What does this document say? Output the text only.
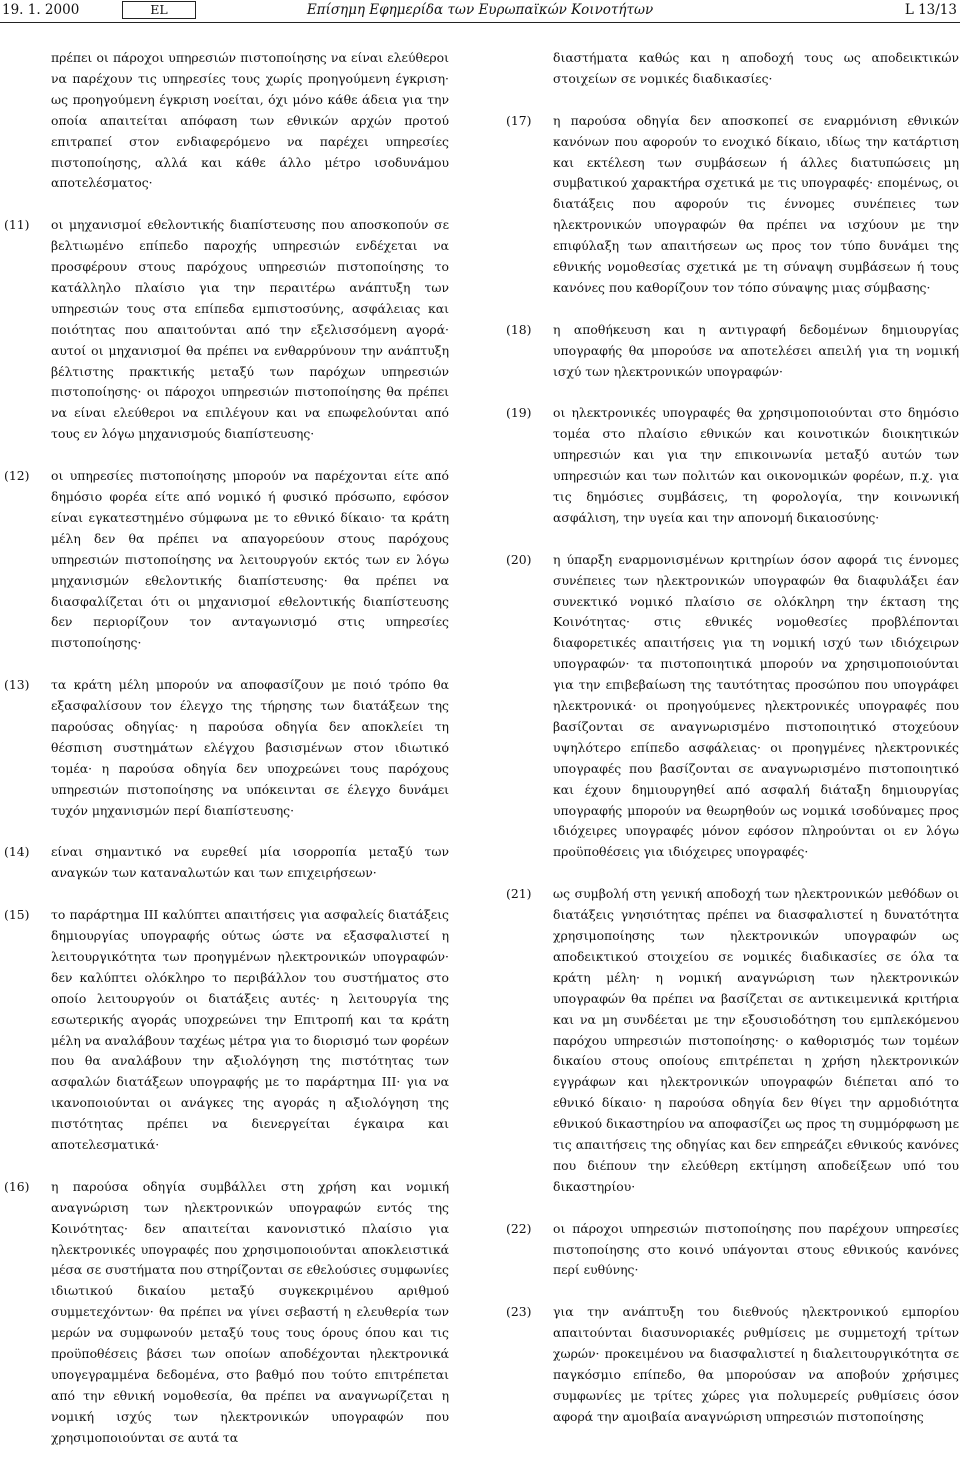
19. 1. 2000	EL	Επίσημη Εφημερίδα των Ευρωπαϊκών Κοινοτήτων	L 13/13
πρέπει οι πάροχοι υπηρεσιών πιστοποίησης να είναι ελεύθεροι να παρέχουν τις υπηρεσίες τους χωρίς προηγούμενη έγκριση· ως προηγούμενη έγκριση νοείται, όχι μόνο κάθε άδεια για την οποία απαιτείται απόφαση των εθνικών αρχών προτού επιτραπεί στον ενδιαφερόμενο να παρέχει υπηρεσίες πιστοποίησης, αλλά και κάθε άλλο μέτρο ισοδυνάμου αποτελέσματος·
(11)	οι μηχανισμοί εθελοντικής διαπίστευσης που αποσκοπούν σε βελτιωμένο επίπεδο παροχής υπηρεσιών ενδέχεται να προσφέρουν στους παρόχους υπηρεσιών πιστοποίησης το κατάλληλο πλαίσιο για την περαιτέρω ανάπτυξη των υπηρεσιών τους στα επίπεδα εμπιστοσύνης, ασφάλειας και ποιότητας που απαιτούνται από την εξελισσόμενη αγορά· αυτοί οι μηχανισμοί θα πρέπει να ενθαρρύνουν την ανάπτυξη βέλτιστης πρακτικής μεταξύ των παρόχων υπηρεσιών πιστοποίησης· οι πάροχοι υπηρεσιών πιστοποίησης θα πρέπει να είναι ελεύθεροι να επιλέγουν και να επωφελούνται από τους εν λόγω μηχανισμούς διαπίστευσης·
(12)	οι υπηρεσίες πιστοποίησης μπορούν να παρέχονται είτε από δημόσιο φορέα είτε από νομικό ή φυσικό πρόσωπο, εφόσον είναι εγκατεστημένο σύμφωνα με το εθνικό δίκαιο· τα κράτη μέλη δεν θα πρέπει να απαγορεύουν στους παρόχους υπηρεσιών πιστοποίησης να λειτουργούν εκτός των εν λόγω μηχανισμών εθελοντικής διαπίστευσης· θα πρέπει να διασφαλίζεται ότι οι μηχανισμοί εθελοντικής διαπίστευσης δεν περιορίζουν τον ανταγωνισμό στις υπηρεσίες πιστοποίησης·
(13)	τα κράτη μέλη μπορούν να αποφασίζουν με ποιό τρόπο θα εξασφαλίσουν τον έλεγχο της τήρησης των διατάξεων της παρούσας οδηγίας· η παρούσα οδηγία δεν αποκλείει τη θέσπιση συστημάτων ελέγχου βασισμένων στον ιδιωτικό τομέα· η παρούσα οδηγία δεν υποχρεώνει τους παρόχους υπηρεσιών πιστοποίησης να υπόκεινται σε έλεγχο δυνάμει τυχόν μηχανισμών περί διαπίστευσης·
(14)	είναι σημαντικό να ευρεθεί μία ισορροπία μεταξύ των αναγκών των καταναλωτών και των επιχειρήσεων·
(15)	το παράρτημα III καλύπτει απαιτήσεις για ασφαλείς διατάξεις δημιουργίας υπογραφής ούτως ώστε να εξασφαλιστεί η λειτουργικότητα των προηγμένων ηλεκτρονικών υπογραφών· δεν καλύπτει ολόκληρο το περιβάλλον του συστήματος στο οποίο λειτουργούν οι διατάξεις αυτές· η λειτουργία της εσωτερικής αγοράς υποχρεώνει την Επιτροπή και τα κράτη μέλη να αναλάβουν ταχέως μέτρα για το διορισμό των φορέων που θα αναλάβουν την αξιολόγηση της πιστότητας των ασφαλών διατάξεων υπογραφής με το παράρτημα III· για να ικανοποιούνται οι ανάγκες της αγοράς η αξιολόγηση της πιστότητας πρέπει να διενεργείται έγκαιρα και αποτελεσματικά·
(16)	η παρούσα οδηγία συμβάλλει στη χρήση και νομική αναγνώριση των ηλεκτρονικών υπογραφών εντός της Κοινότητας· δεν απαιτείται κανονιστικό πλαίσιο για ηλεκτρονικές υπογραφές που χρησιμοποιούνται αποκλειστικά μέσα σε συστήματα που στηρίζονται σε εθελούσιες συμφωνίες ιδιωτικού δικαίου μεταξύ συγκεκριμένου αριθμού συμμετεχόντων· θα πρέπει να γίνει σεβαστή η ελευθερία των μερών να συμφωνούν μεταξύ τους τους όρους όπου και τις προϋποθέσεις βάσει των οποίων αποδέχονται ηλεκτρονικά υπογεγραμμένα δεδομένα, στο βαθμό που τούτο επιτρέπεται από την εθνική νομοθεσία, θα πρέπει να αναγνωρίζεται η νομική ισχύς των ηλεκτρονικών υπογραφών που χρησιμοποιούνται σε αυτά τα
διαστήματα καθώς και η αποδοχή τους ως αποδεικτικών στοιχείων σε νομικές διαδικασίες·
(17)	η παρούσα οδηγία δεν αποσκοπεί σε εναρμόνιση εθνικών κανόνων που αφορούν το ενοχικό δίκαιο, ιδίως την κατάρτιση και εκτέλεση των συμβάσεων ή άλλες διατυπώσεις μη συμβατικού χαρακτήρα σχετικά με τις υπογραφές· επομένως, οι διατάξεις που αφορούν τις έννομες συνέπειες των ηλεκτρονικών υπογραφών θα πρέπει να ισχύουν με την επιφύλαξη των απαιτήσεων ως προς τον τύπο δυνάμει της εθνικής νομοθεσίας σχετικά με τη σύναψη συμβάσεων ή τους κανόνες που καθορίζουν τον τόπο σύναψης μιας σύμβασης·
(18)	η αποθήκευση και η αντιγραφή δεδομένων δημιουργίας υπογραφής θα μπορούσε να αποτελέσει απειλή για τη νομική ισχύ των ηλεκτρονικών υπογραφών·
(19)	οι ηλεκτρονικές υπογραφές θα χρησιμοποιούνται στο δημόσιο τομέα στο πλαίσιο εθνικών και κοινοτικών διοικητικών υπηρεσιών και για την επικοινωνία μεταξύ αυτών των υπηρεσιών και των πολιτών και οικονομικών φορέων, π.χ. για τις δημόσιες συμβάσεις, τη φορολογία, την κοινωνική ασφάλιση, την υγεία και την απονομή δικαιοσύνης·
(20)	η ύπαρξη εναρμονισμένων κριτηρίων όσον αφορά τις έννομες συνέπειες των ηλεκτρονικών υπογραφών θα διαφυλάξει έαν συνεκτικό νομικό πλαίσιο σε ολόκληρη την έκταση της Κοινότητας· στις εθνικές νομοθεσίες προβλέπονται διαφορετικές απαιτήσεις για τη νομική ισχύ των ιδιόχειρων υπογραφών· τα πιστοποιητικά μπορούν να χρησιμοποιούνται για την επιβεβαίωση της ταυτότητας προσώπου που υπογράφει ηλεκτρονικά· οι προηγούμενες ηλεκτρονικές υπογραφές που βασίζονται σε αναγνωρισμένο πιστοποιητικό στοχεύουν υψηλότερο επίπεδο ασφάλειας· οι προηγμένες ηλεκτρονικές υπογραφές που βασίζονται σε αναγνωρισμένο πιστοποιητικό και έχουν δημιουργηθεί από ασφαλή διάταξη δημιουργίας υπογραφής μπορούν να θεωρηθούν ως νομικά ισοδύναμες προς ιδιόχειρες υπογραφές μόνον εφόσον πληρούνται οι εν λόγω προϋποθέσεις για ιδιόχειρες υπογραφές·
(21)	ως συμβολή στη γενική αποδοχή των ηλεκτρονικών μεθόδων οι διατάξεις γνησιότητας πρέπει να διασφαλιστεί η δυνατότητα χρησιμοποίησης των ηλεκτρονικών υπογραφών ως αποδεικτικού στοιχείου σε νομικές διαδικασίες σε όλα τα κράτη μέλη· η νομική αναγνώριση των ηλεκτρονικών υπογραφών θα πρέπει να βασίζεται σε αντικειμενικά κριτήρια και να μη συνδέεται με την εξουσιοδότηση του εμπλεκόμενου παρόχου υπηρεσιών πιστοποίησης· ο καθορισμός των τομέων δικαίου στους οποίους επιτρέπεται η χρήση ηλεκτρονικών εγγράφων και ηλεκτρονικών υπογραφών διέπεται από το εθνικό δίκαιο· η παρούσα οδηγία δεν θίγει την αρμοδιότητα εθνικού δικαστηρίου να αποφασίζει ως προς τη συμμόρφωση με τις απαιτήσεις της οδηγίας και δεν επηρεάζει εθνικούς κανόνες που διέπουν την ελεύθερη εκτίμηση αποδείξεων υπό του δικαστηρίου·
(22)	οι πάροχοι υπηρεσιών πιστοποίησης που παρέχουν υπηρεσίες πιστοποίησης στο κοινό υπάγονται στους εθνικούς κανόνες περί ευθύνης·
(23)	για την ανάπτυξη του διεθνούς ηλεκτρονικού εμπορίου απαιτούνται διασυνοριακές ρυθμίσεις με συμμετοχή τρίτων χωρών· προκειμένου να διασφαλιστεί η διαλειτουργικότητα σε παγκόσμιο επίπεδο, θα μπορούσαν να αποβούν χρήσιμες συμφωνίες με τρίτες χώρες για πολυμερείς ρυθμίσεις όσον αφορά την αμοιβαία αναγνώριση υπηρεσιών πιστοποίησης
